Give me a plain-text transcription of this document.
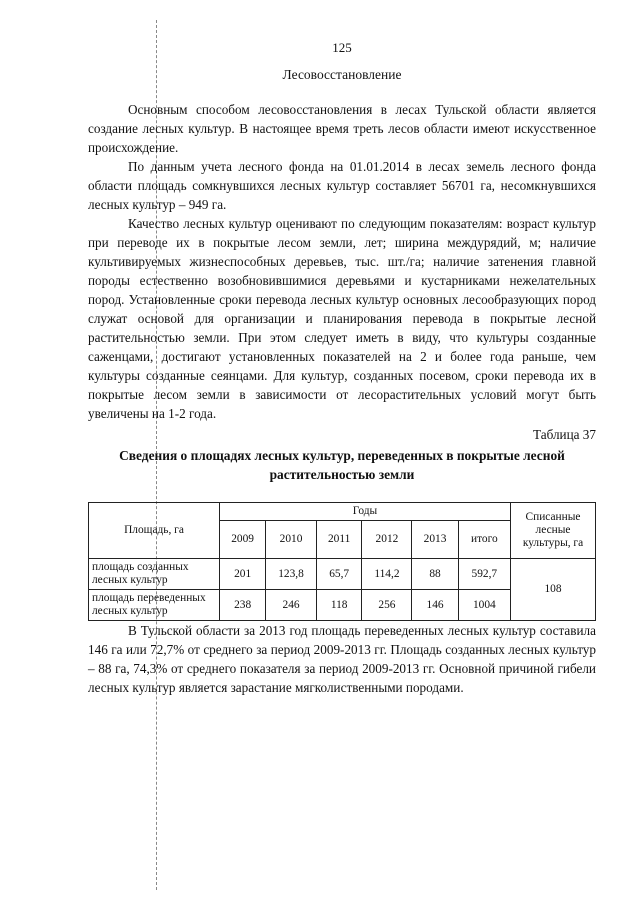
125
Лесовосстановление

Основным способом лесовосстановления в лесах Тульской области является создание лесных культур. В настоящее время треть лесов области имеют искусственное происхождение.

По данным учета лесного фонда на 01.01.2014 в лесах земель лесного фонда области площадь сомкнувшихся лесных культур составляет 56701 га, несомкнувшихся лесных культур – 949 га.

Качество лесных культур оценивают по следующим показателям: возраст культур при переводе их в покрытые лесом земли, лет; ширина междурядий, м; наличие культивируемых жизнеспособных деревьев, тыс. шт./га; наличие затенения главной породы естественно возобновившимися деревьями и кустарниками нежелательных пород. Установленные сроки перевода лесных культур основных лесообразующих пород служат основой для организации и планирования перевода в покрытые лесной растительностью земли. При этом следует иметь в виду, что культуры созданные саженцами, достигают установленных показателей на 2 и более года раньше, чем культуры созданные сеянцами. Для культур, созданных посевом, сроки перевода их в покрытые лесом земли в зависимости от лесорастительных условий могут быть увеличены на 1-2 года.

Таблица 37
Сведения о площадях лесных культур, переведенных в покрытые лесной растительностью земли
Площадь, га	Годы						Списанные лесные культуры, га
	2009	2010	2011	2012	2013	итого	
площадь созданных лесных культур	201	123,8	65,7	114,2	88	592,7	108
площадь переведенных лесных культур	238	246	118	256	146	1004	

В Тульской области за 2013 год площадь переведенных лесных культур составила 146 га или 72,7% от среднего за период 2009-2013 гг. Площадь созданных лесных культур – 88 га, 74,3% от среднего показателя за период 2009-2013 гг. Основной причиной гибели лесных культур является зарастание мягколиственными породами.
